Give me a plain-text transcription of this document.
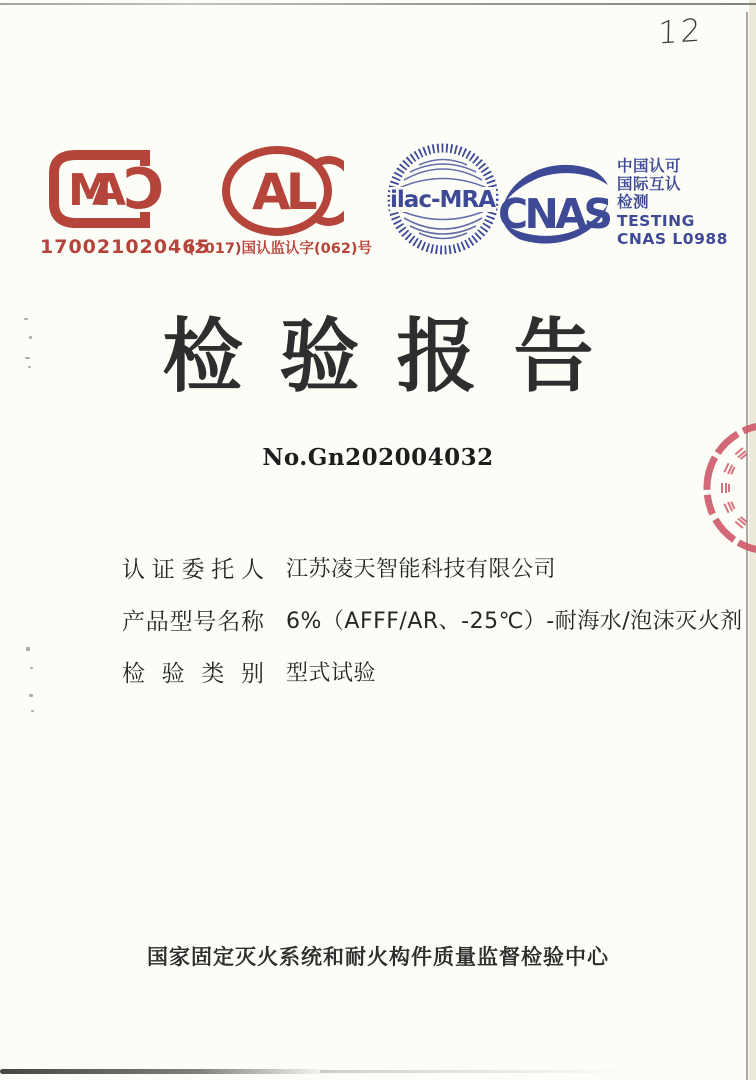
12
MA
C
170021020465
AL
(2017)国认监认字(062)号
ilac-MRA CNAS
中国认可
国际互认
检测
TESTING
CNAS L0988
检验报告
No.Gn202004032
认 证 委 托 人 江苏凌天智能科技有限公司
产 品 型 号 名 称 6%（AFFF/AR、-25℃）-耐海水/泡沫灭火剂
检 验 类 别 型式试验
国家固定灭火系统和耐火构件质量监督检验中心
